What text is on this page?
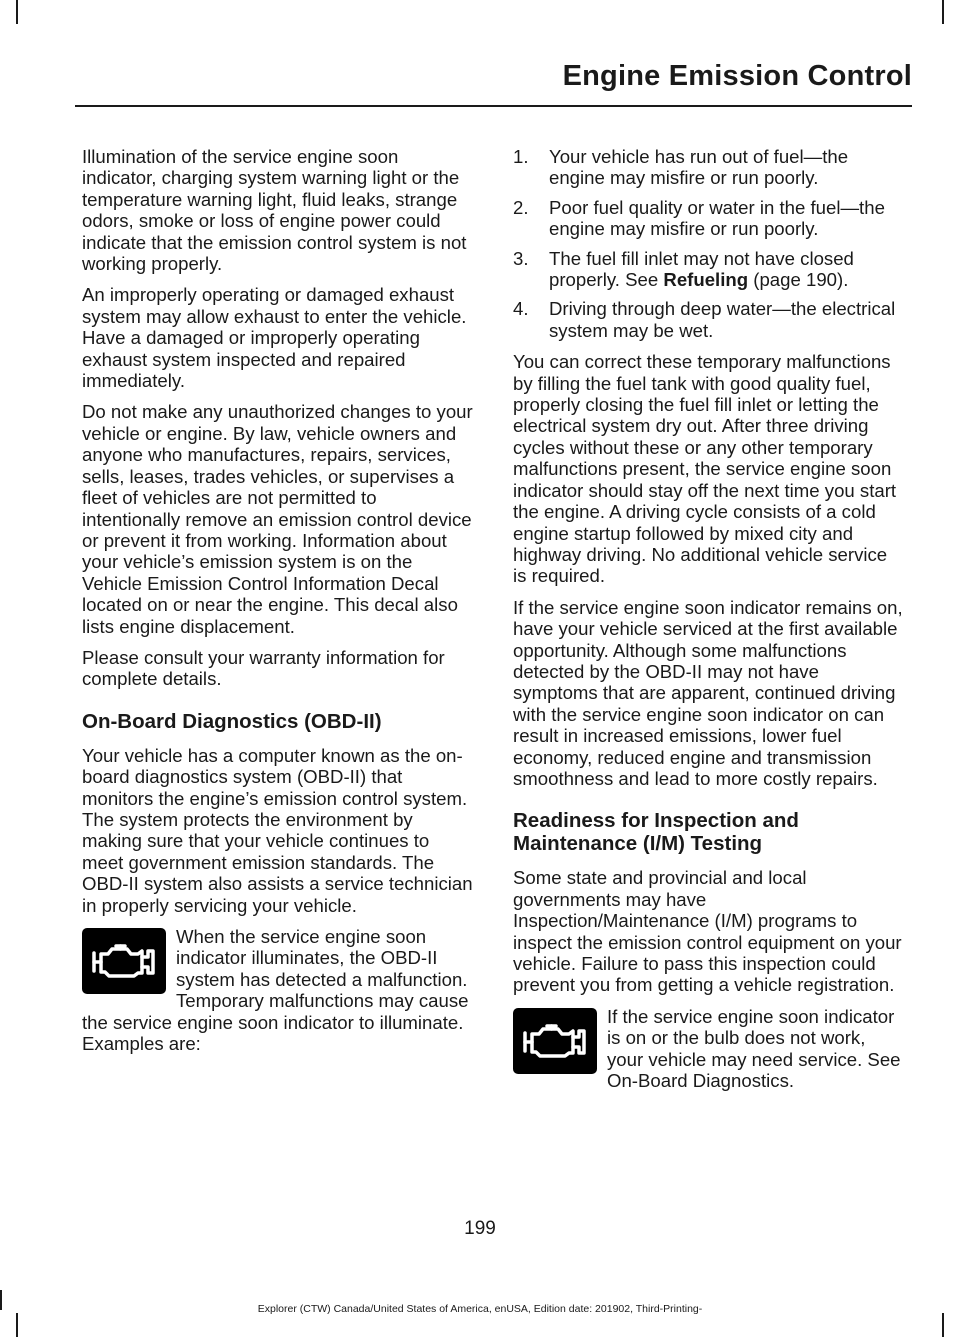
Engine Emission Control

Illumination of the service engine soon indicator, charging system warning light or the temperature warning light, fluid leaks, strange odors, smoke or loss of engine power could indicate that the emission control system is not working properly.

An improperly operating or damaged exhaust system may allow exhaust to enter the vehicle. Have a damaged or improperly operating exhaust system inspected and repaired immediately.

Do not make any unauthorized changes to your vehicle or engine. By law, vehicle owners and anyone who manufactures, repairs, services, sells, leases, trades vehicles, or supervises a fleet of vehicles are not permitted to intentionally remove an emission control device or prevent it from working. Information about your vehicle’s emission system is on the Vehicle Emission Control Information Decal located on or near the engine. This decal also lists engine displacement.

Please consult your warranty information for complete details.

On-Board Diagnostics (OBD-II)

Your vehicle has a computer known as the on-board diagnostics system (OBD-II) that monitors the engine’s emission control system. The system protects the environment by making sure that your vehicle continues to meet government emission standards. The OBD-II system also assists a service technician in properly servicing your vehicle.

When the service engine soon indicator illuminates, the OBD-II system has detected a malfunction. Temporary malfunctions may cause the service engine soon indicator to illuminate. Examples are:

1. Your vehicle has run out of fuel—the engine may misfire or run poorly.
2. Poor fuel quality or water in the fuel—the engine may misfire or run poorly.
3. The fuel fill inlet may not have closed properly. See Refueling (page 190).
4. Driving through deep water—the electrical system may be wet.

You can correct these temporary malfunctions by filling the fuel tank with good quality fuel, properly closing the fuel fill inlet or letting the electrical system dry out. After three driving cycles without these or any other temporary malfunctions present, the service engine soon indicator should stay off the next time you start the engine. A driving cycle consists of a cold engine startup followed by mixed city and highway driving. No additional vehicle service is required.

If the service engine soon indicator remains on, have your vehicle serviced at the first available opportunity. Although some malfunctions detected by the OBD-II may not have symptoms that are apparent, continued driving with the service engine soon indicator on can result in increased emissions, lower fuel economy, reduced engine and transmission smoothness and lead to more costly repairs.

Readiness for Inspection and Maintenance (I/M) Testing

Some state and provincial and local governments may have Inspection/Maintenance (I/M) programs to inspect the emission control equipment on your vehicle. Failure to pass this inspection could prevent you from getting a vehicle registration.

If the service engine soon indicator is on or the bulb does not work, your vehicle may need service. See On-Board Diagnostics.

199

Explorer (CTW) Canada/United States of America, enUSA, Edition date: 201902, Third-Printing-
